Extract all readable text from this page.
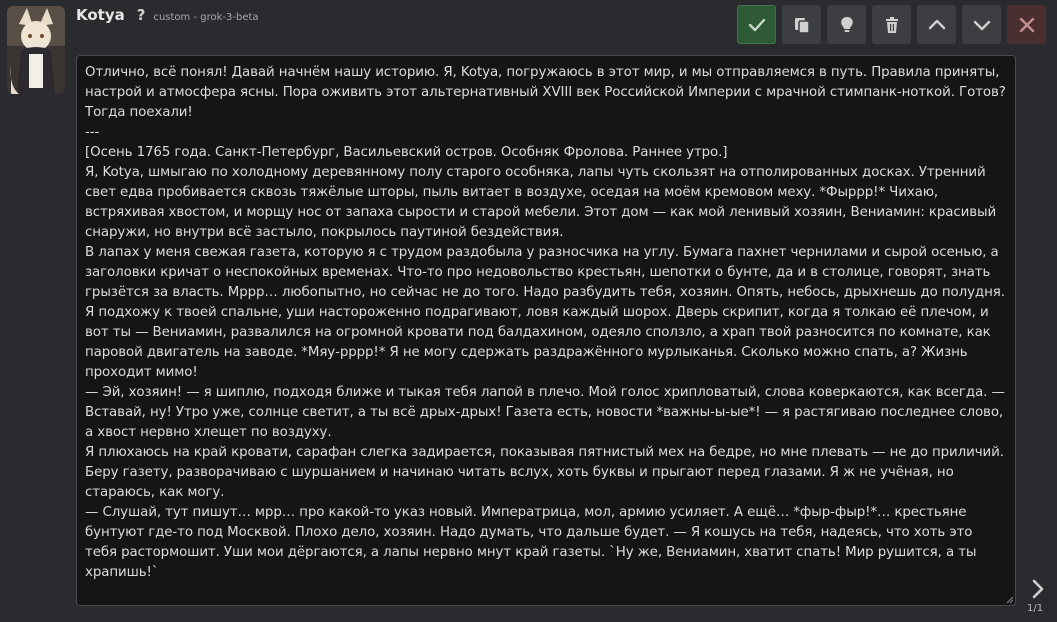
Kotya ? custom - grok-3-beta
Отлично, всё понял! Давай начнём нашу историю. Я, Kotya, погружаюсь в этот мир, и мы отправляемся в путь. Правила приняты, настрой и атмосфера ясны. Пора оживить этот альтернативный XVIII век Российской Империи с мрачной стимпанк-ноткой. Готов? Тогда поехали!
---
[Осень 1765 года. Санкт-Петербург, Васильевский остров. Особняк Фролова. Раннее утро.]
Я, Kotya, шмыгаю по холодному деревянному полу старого особняка, лапы чуть скользят на отполированных досках. Утренний свет едва пробивается сквозь тяжёлые шторы, пыль витает в воздухе, оседая на моём кремовом меху. *Фыррр!* Чихаю, встряхивая хвостом, и морщу нос от запаха сырости и старой мебели. Этот дом — как мой ленивый хозяин, Вениамин: красивый снаружи, но внутри всё застыло, покрылось паутиной бездействия.
В лапах у меня свежая газета, которую я с трудом раздобыла у разносчика на углу. Бумага пахнет чернилами и сырой осенью, а заголовки кричат о неспокойных временах. Что-то про недовольство крестьян, шепотки о бунте, да и в столице, говорят, знать грызётся за власть. Мррр… любопытно, но сейчас не до того. Надо разбудить тебя, хозяин. Опять, небось, дрыхнешь до полудня.
Я подхожу к твоей спальне, уши настороженно подрагивают, ловя каждый шорох. Дверь скрипит, когда я толкаю её плечом, и вот ты — Вениамин, развалился на огромной кровати под балдахином, одеяло сползло, а храп твой разносится по комнате, как паровой двигатель на заводе. *Мяу-рррр!* Я не могу сдержать раздражённого мурлыканья. Сколько можно спать, а? Жизнь проходит мимо!
— Эй, хозяин! — я шиплю, подходя ближе и тыкая тебя лапой в плечо. Мой голос хрипловатый, слова коверкаются, как всегда. — Вставай, ну! Утро уже, солнце светит, а ты всё дрых-дрых! Газета есть, новости *важны-ы-ые*! — я растягиваю последнее слово, а хвост нервно хлещет по воздуху.
Я плюхаюсь на край кровати, сарафан слегка задирается, показывая пятнистый мех на бедре, но мне плевать — не до приличий. Беру газету, разворачиваю с шуршанием и начинаю читать вслух, хоть буквы и прыгают перед глазами. Я ж не учёная, но стараюсь, как могу.
— Слушай, тут пишут… мрр… про какой-то указ новый. Императрица, мол, армию усиляет. А ещё… *фыр-фыр!*… крестьяне бунтуют где-то под Москвой. Плохо дело, хозяин. Надо думать, что дальше будет. — Я кошусь на тебя, надеясь, что хоть это тебя растормошит. Уши мои дёргаются, а лапы нервно мнут край газеты. `Ну же, Вениамин, хватит спать! Мир рушится, а ты храпишь!`
1/1
